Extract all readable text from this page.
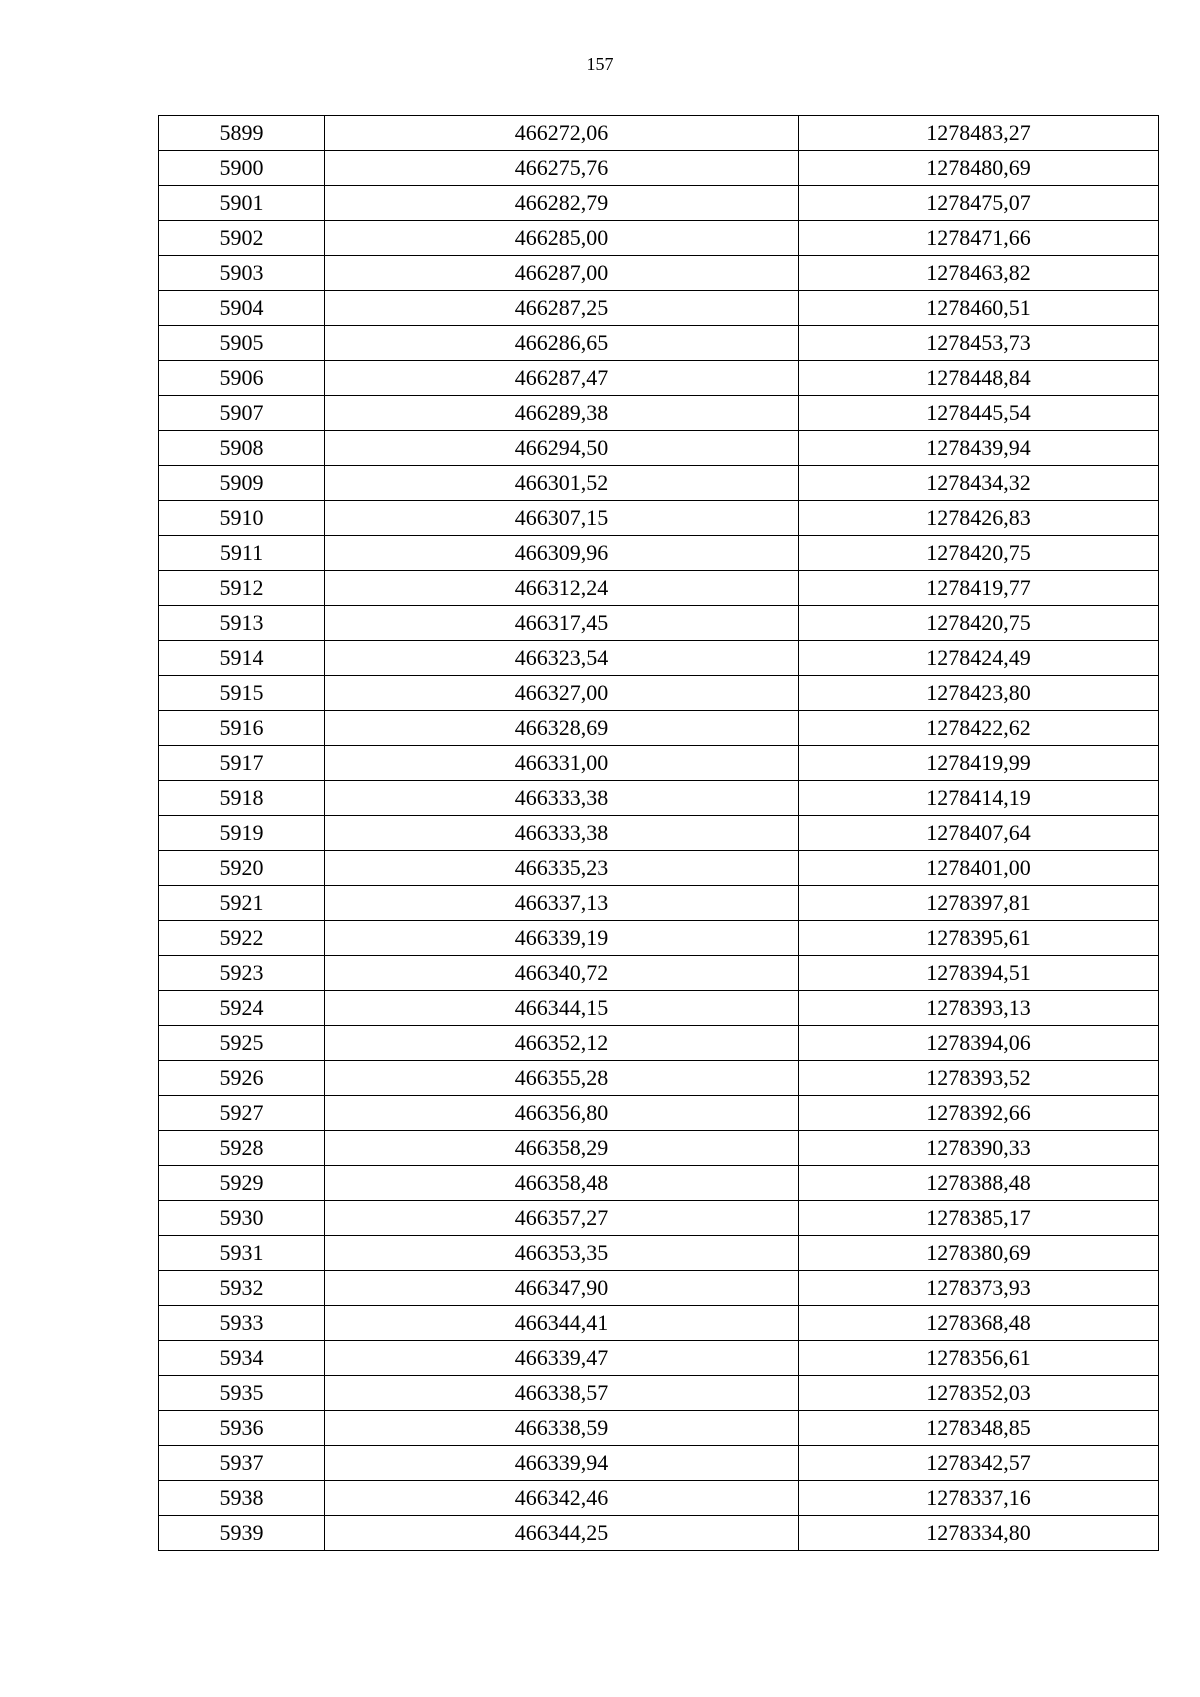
157
5899	466272,06	1278483,27
5900	466275,76	1278480,69
5901	466282,79	1278475,07
5902	466285,00	1278471,66
5903	466287,00	1278463,82
5904	466287,25	1278460,51
5905	466286,65	1278453,73
5906	466287,47	1278448,84
5907	466289,38	1278445,54
5908	466294,50	1278439,94
5909	466301,52	1278434,32
5910	466307,15	1278426,83
5911	466309,96	1278420,75
5912	466312,24	1278419,77
5913	466317,45	1278420,75
5914	466323,54	1278424,49
5915	466327,00	1278423,80
5916	466328,69	1278422,62
5917	466331,00	1278419,99
5918	466333,38	1278414,19
5919	466333,38	1278407,64
5920	466335,23	1278401,00
5921	466337,13	1278397,81
5922	466339,19	1278395,61
5923	466340,72	1278394,51
5924	466344,15	1278393,13
5925	466352,12	1278394,06
5926	466355,28	1278393,52
5927	466356,80	1278392,66
5928	466358,29	1278390,33
5929	466358,48	1278388,48
5930	466357,27	1278385,17
5931	466353,35	1278380,69
5932	466347,90	1278373,93
5933	466344,41	1278368,48
5934	466339,47	1278356,61
5935	466338,57	1278352,03
5936	466338,59	1278348,85
5937	466339,94	1278342,57
5938	466342,46	1278337,16
5939	466344,25	1278334,80
